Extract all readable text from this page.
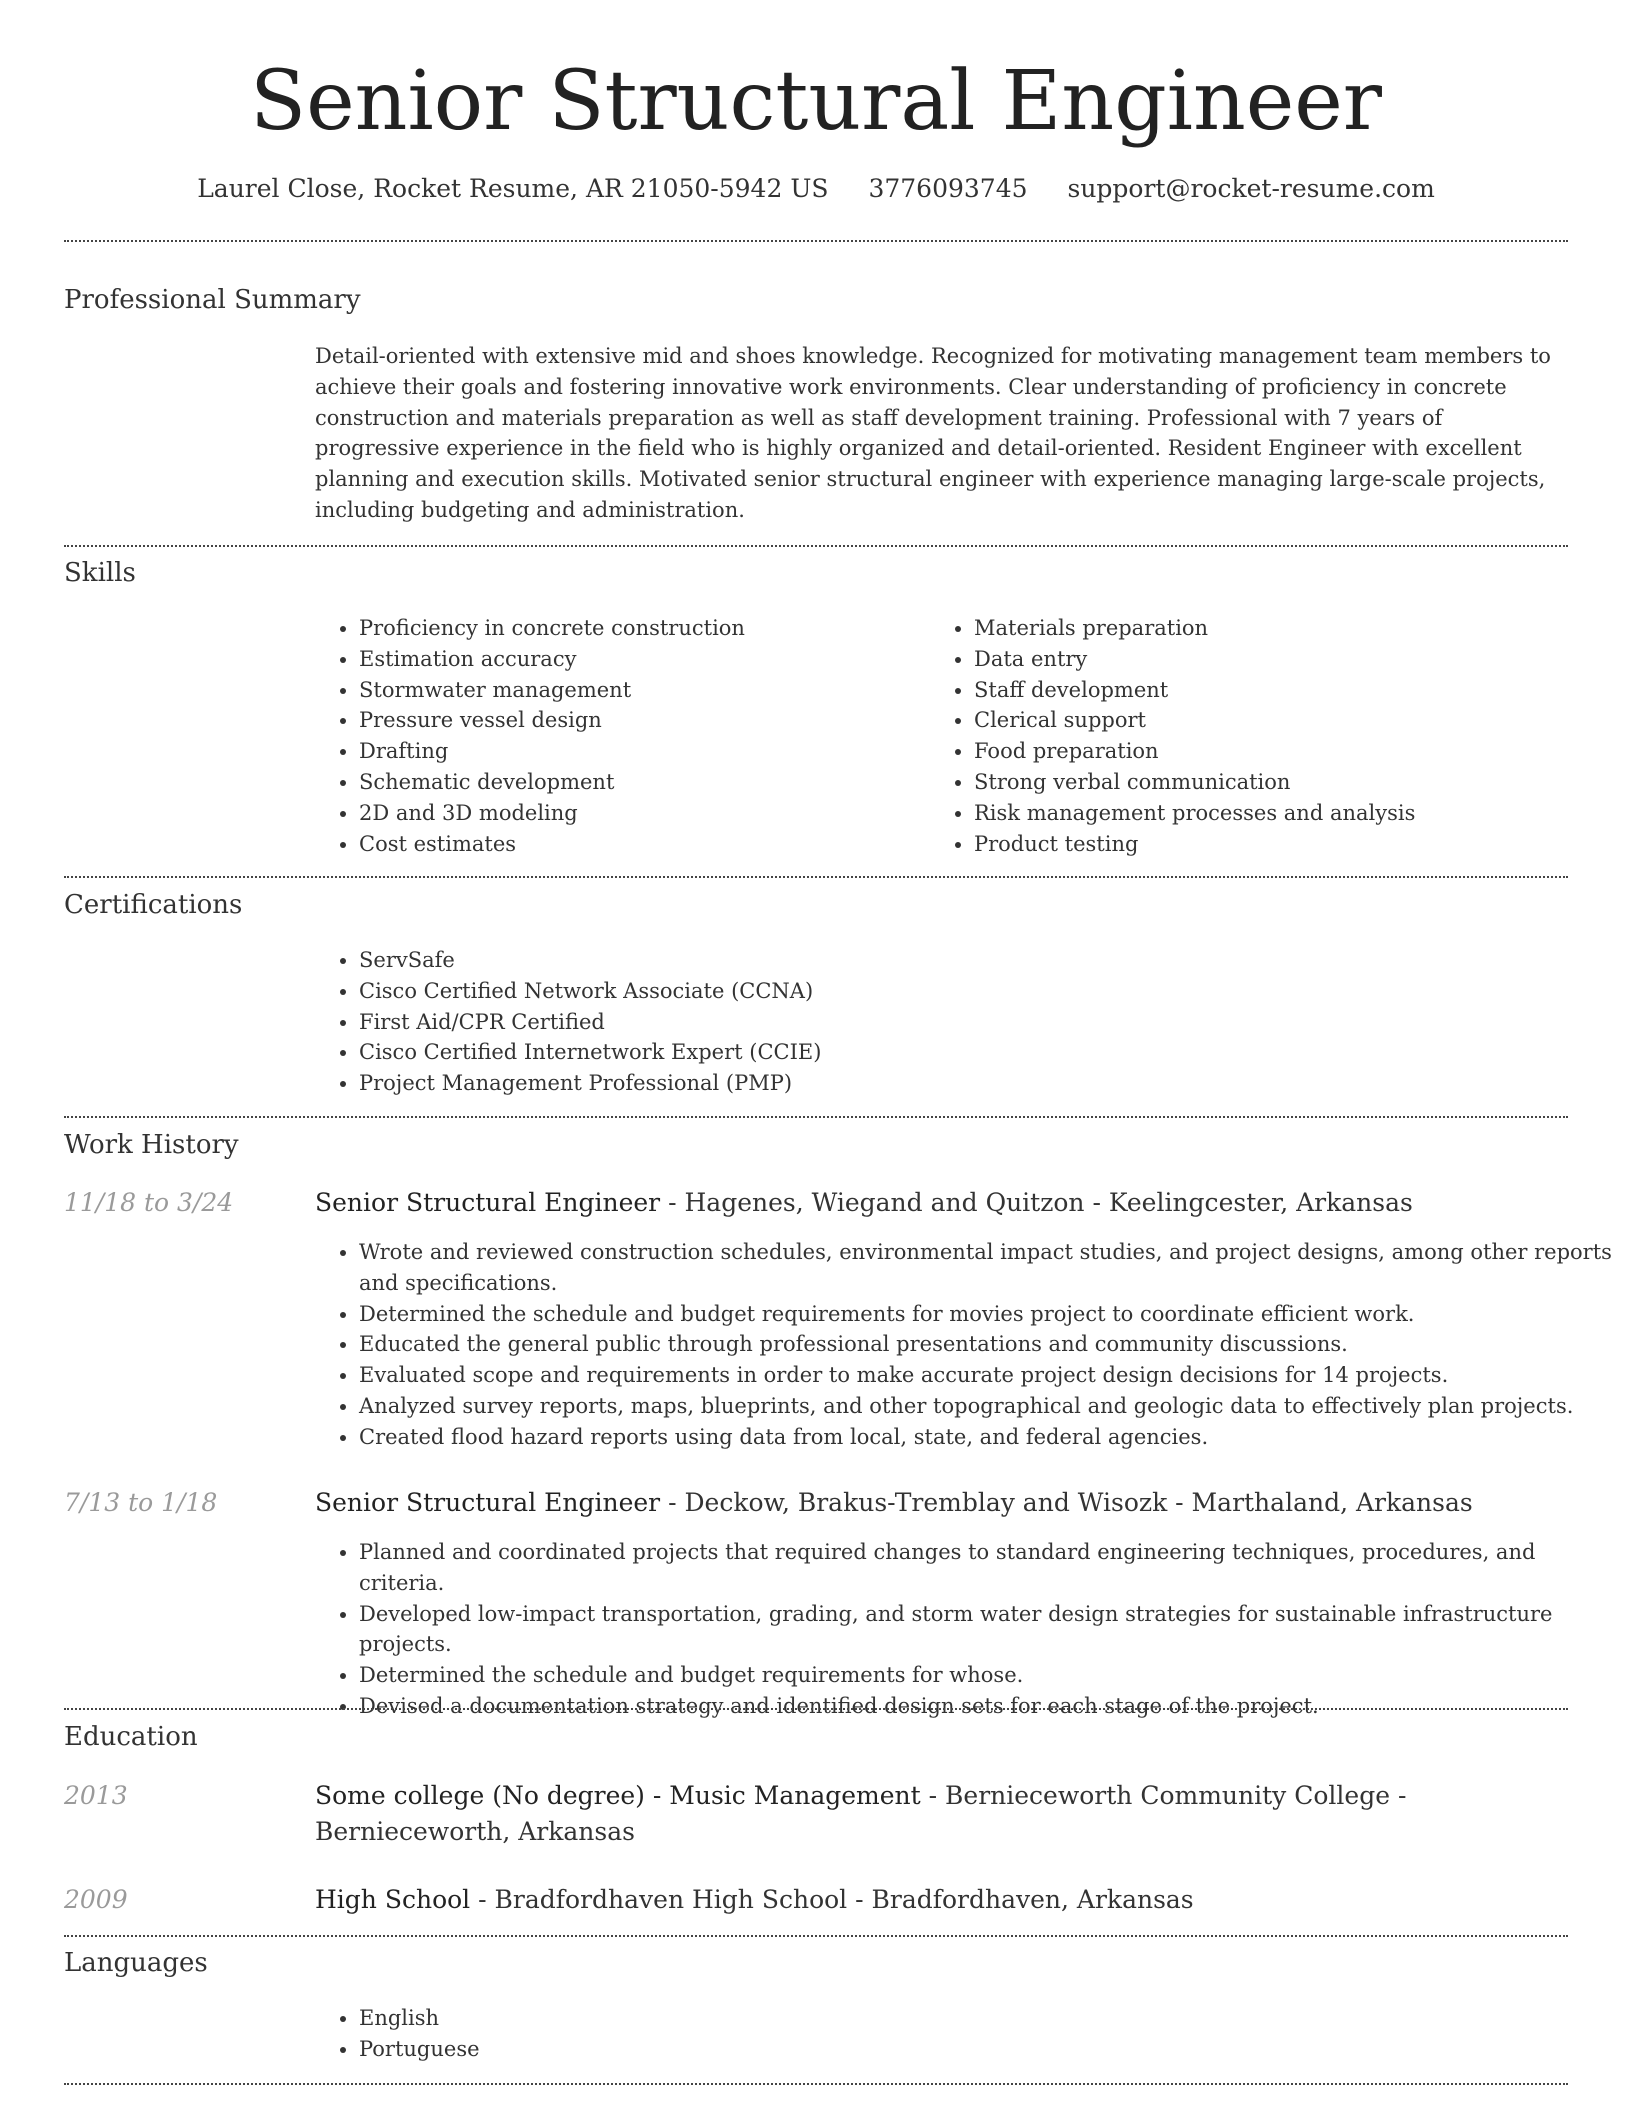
Senior Structural Engineer
Laurel Close, Rocket Resume, AR 21050-5942 US 3776093745 support@rocket-resume.com
Professional Summary
Detail-oriented with extensive mid and shoes knowledge. Recognized for motivating management team members to achieve their goals and fostering innovative work environments. Clear understanding of proficiency in concrete construction and materials preparation as well as staff development training. Professional with 7 years of progressive experience in the field who is highly organized and detail-oriented. Resident Engineer with excellent planning and execution skills. Motivated senior structural engineer with experience managing large-scale projects, including budgeting and administration.
Skills
• Proficiency in concrete construction
• Estimation accuracy
• Stormwater management
• Pressure vessel design
• Drafting
• Schematic development
• 2D and 3D modeling
• Cost estimates
• Materials preparation
• Data entry
• Staff development
• Clerical support
• Food preparation
• Strong verbal communication
• Risk management processes and analysis
• Product testing
Certifications
• ServSafe
• Cisco Certified Network Associate (CCNA)
• First Aid/CPR Certified
• Cisco Certified Internetwork Expert (CCIE)
• Project Management Professional (PMP)
Work History
11/18 to 3/24	Senior Structural Engineer - Hagenes, Wiegand and Quitzon - Keelingcester, Arkansas
• Wrote and reviewed construction schedules, environmental impact studies, and project designs, among other reports and specifications.
• Determined the schedule and budget requirements for movies project to coordinate efficient work.
• Educated the general public through professional presentations and community discussions.
• Evaluated scope and requirements in order to make accurate project design decisions for 14 projects.
• Analyzed survey reports, maps, blueprints, and other topographical and geologic data to effectively plan projects.
• Created flood hazard reports using data from local, state, and federal agencies.
7/13 to 1/18	Senior Structural Engineer - Deckow, Brakus-Tremblay and Wisozk - Marthaland, Arkansas
• Planned and coordinated projects that required changes to standard engineering techniques, procedures, and criteria.
• Developed low-impact transportation, grading, and storm water design strategies for sustainable infrastructure projects.
• Determined the schedule and budget requirements for whose.
• Devised a documentation strategy and identified design sets for each stage of the project.
Education
2013	Some college (No degree) - Music Management - Bernieceworth Community College - Bernieceworth, Arkansas
2009	High School - Bradfordhaven High School - Bradfordhaven, Arkansas
Languages
• English
• Portuguese
